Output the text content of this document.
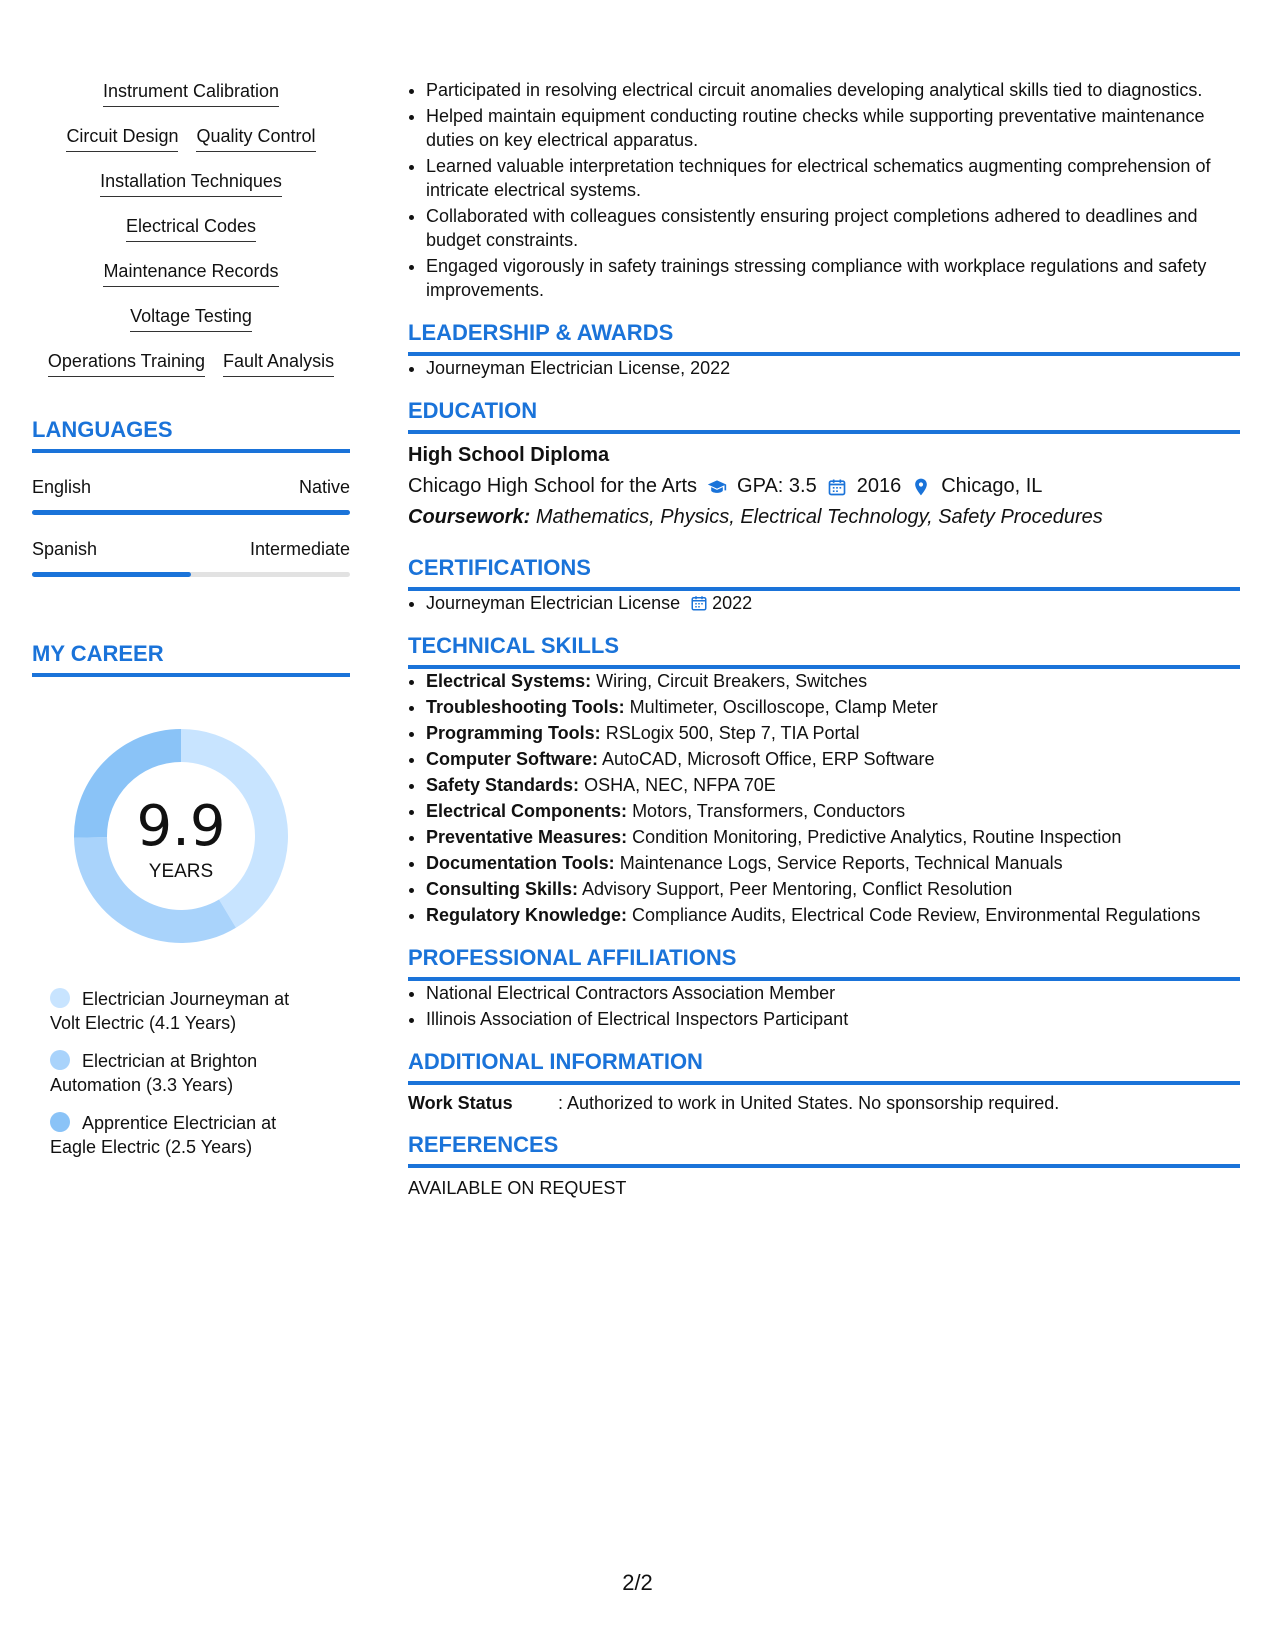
Instrument Calibration
Circuit Design Quality Control
Installation Techniques
Electrical Codes
Maintenance Records
Voltage Testing
Operations Training Fault Analysis
LANGUAGES
English	Native
Spanish	Intermediate
MY CAREER
9.9
YEARS
Electrician Journeyman at Volt Electric (4.1 Years)
Electrician at Brighton Automation (3.3 Years)
Apprentice Electrician at Eagle Electric (2.5 Years)
• Participated in resolving electrical circuit anomalies developing analytical skills tied to diagnostics.
• Helped maintain equipment conducting routine checks while supporting preventative maintenance duties on key electrical apparatus.
• Learned valuable interpretation techniques for electrical schematics augmenting comprehension of intricate electrical systems.
• Collaborated with colleagues consistently ensuring project completions adhered to deadlines and budget constraints.
• Engaged vigorously in safety trainings stressing compliance with workplace regulations and safety improvements.
LEADERSHIP & AWARDS
• Journeyman Electrician License, 2022
EDUCATION
High School Diploma
Chicago High School for the Arts GPA: 3.5 2016 Chicago, IL
Coursework: Mathematics, Physics, Electrical Technology, Safety Procedures
CERTIFICATIONS
• Journeyman Electrician License 2022
TECHNICAL SKILLS
• Electrical Systems: Wiring, Circuit Breakers, Switches
• Troubleshooting Tools: Multimeter, Oscilloscope, Clamp Meter
• Programming Tools: RSLogix 500, Step 7, TIA Portal
• Computer Software: AutoCAD, Microsoft Office, ERP Software
• Safety Standards: OSHA, NEC, NFPA 70E
• Electrical Components: Motors, Transformers, Conductors
• Preventative Measures: Condition Monitoring, Predictive Analytics, Routine Inspection
• Documentation Tools: Maintenance Logs, Service Reports, Technical Manuals
• Consulting Skills: Advisory Support, Peer Mentoring, Conflict Resolution
• Regulatory Knowledge: Compliance Audits, Electrical Code Review, Environmental Regulations
PROFESSIONAL AFFILIATIONS
• National Electrical Contractors Association Member
• Illinois Association of Electrical Inspectors Participant
ADDITIONAL INFORMATION
Work Status	: Authorized to work in United States. No sponsorship required.
REFERENCES
AVAILABLE ON REQUEST
2/2
